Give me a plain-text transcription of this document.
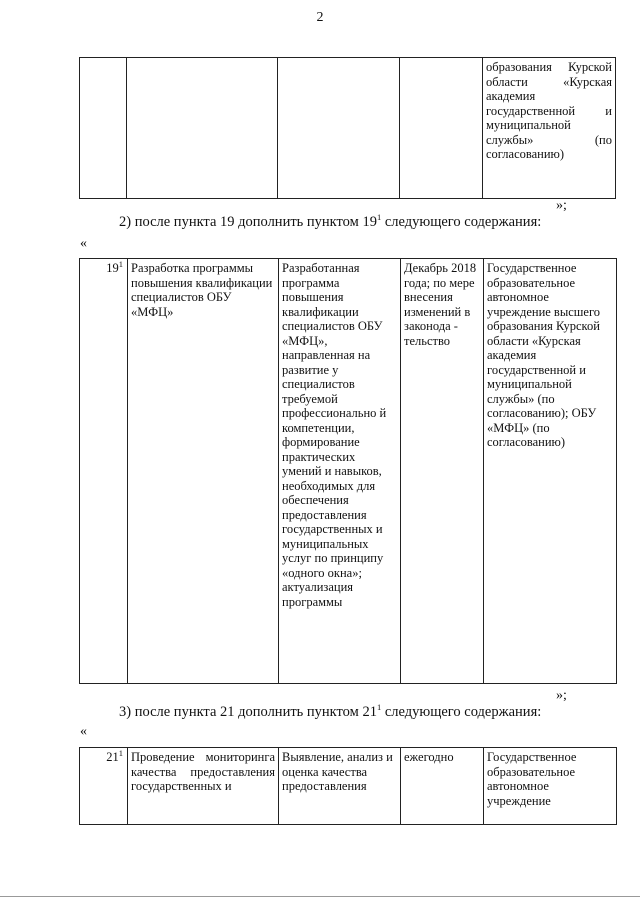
2
				образования Курской области «Курская академия государственной и муниципальной службы» (по согласованию)
»;
2) после пункта 19 дополнить пунктом $19^1$ следующего содержания:
«
$19^1$	Разработка программы повышения квалификации специалистов ОБУ «МФЦ»	Разработанная программа повышения квалификации специалистов ОБУ «МФЦ», направленная на развитие у специалистов требуемой профессионально й компетенции, формирование практических умений и навыков, необходимых для обеспечения предоставления государственных и муниципальных услуг по принципу «одного окна»; актуализация программы	Декабрь 2018 года; по мере внесения изменений в законода - тельство	Государственное образовательное автономное учреждение высшего образования Курской области «Курская академия государственной и муниципальной службы» (по согласованию); ОБУ «МФЦ» (по согласованию)
»;
3) после пункта 21 дополнить пунктом $21^1$ следующего содержания:
«
$21^1$	Проведение мониторинга качества предоставления государственных и	Выявление, анализ и оценка качества предоставления	ежегодно	Государственное образовательное автономное учреждение
